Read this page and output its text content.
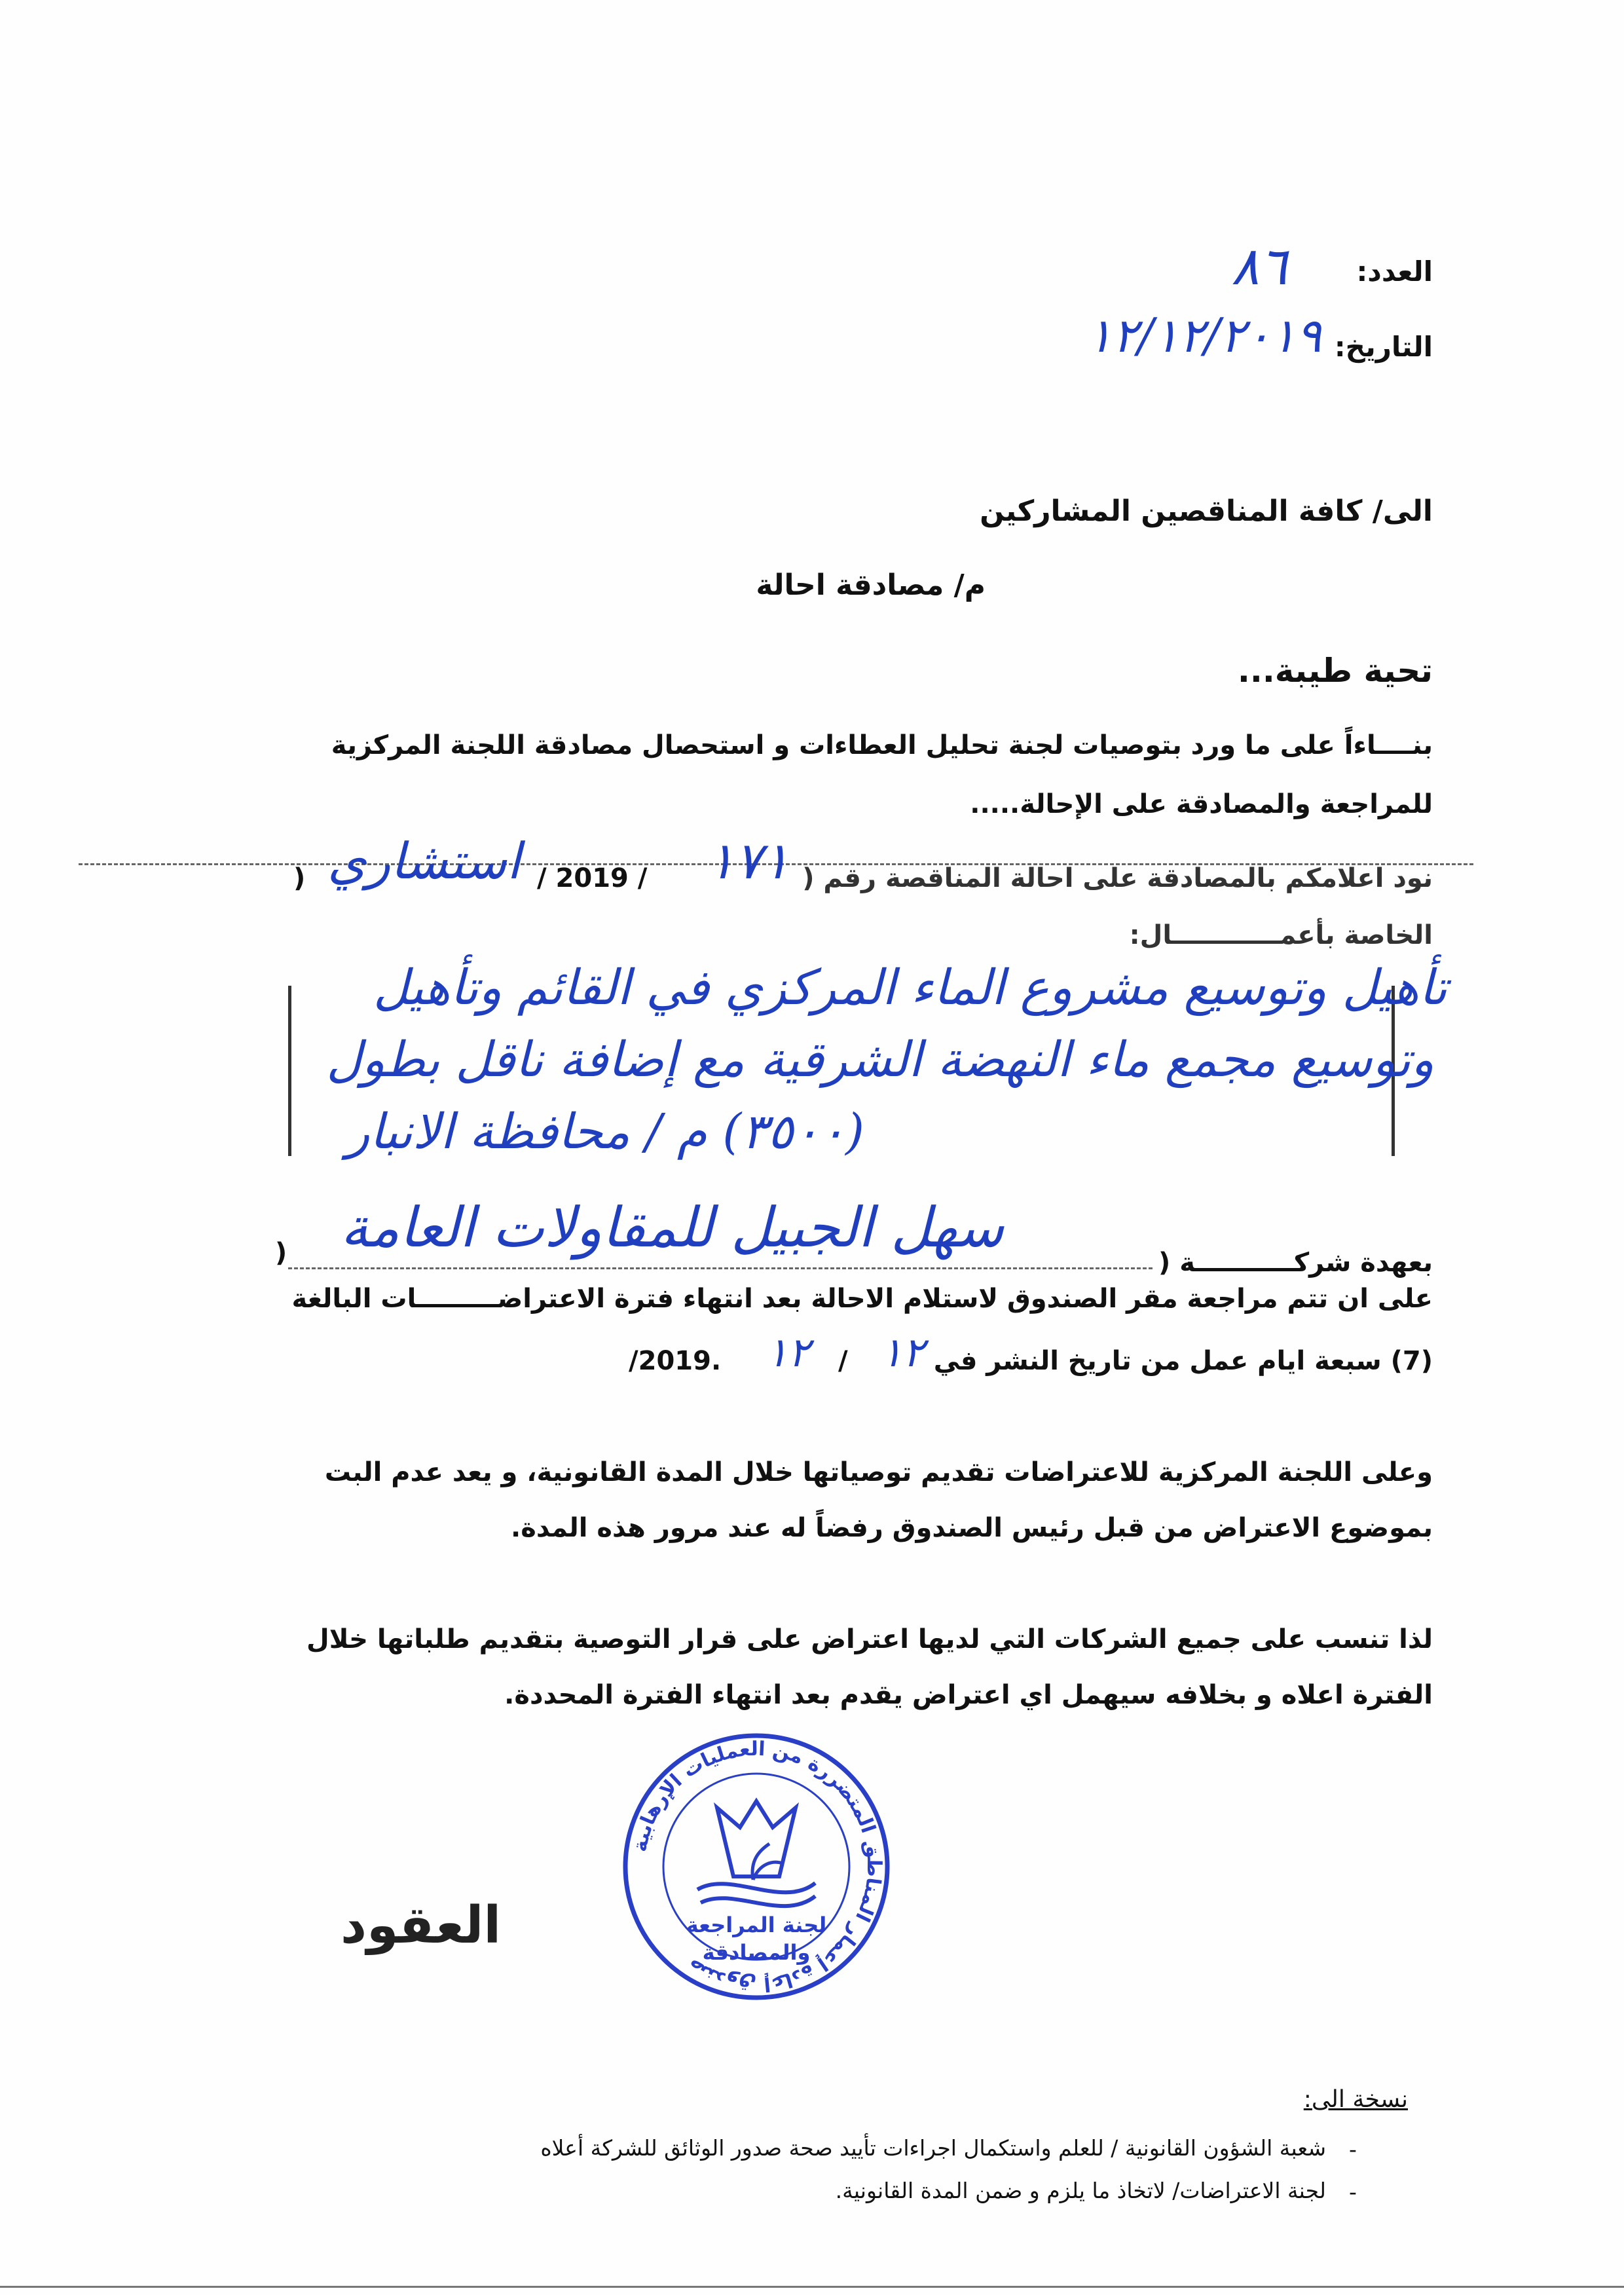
العدد:
٨٦
التاريخ:
١٢/١٢/٢٠١٩
الى/ كافة المناقصين المشاركين
م/ مصادقة احالة
تحية طيبة...
بنــــاءاً على ما ورد بتوصيات لجنة تحليل العطاءات و استحصال مصادقة اللجنة المركزية
للمراجعة والمصادقة على الإحالة.....
نود اعلامكم بالمصادقة على احالة المناقصة رقم (
١٧١
/ 2019 /
استشاري
)
الخاصة بأعمــــــــــــال:
تأهيل وتوسيع مشروع الماء المركزي في القائم وتأهيل
وتوسيع مجمع ماء النهضة الشرقية مع إضافة ناقل بطول
(٣٥٠٠) م / محافظة الانبار
بعهدة شركـــــــــــة (
سهل الجبيل للمقاولات العامة
)
على ان تتم مراجعة مقر الصندوق لاستلام الاحالة بعد انتهاء فترة الاعتراضـــــــــات البالغة
(7) سبعة ايام عمل من تاريخ النشر في
١٢
/
١٢
/2019.
وعلى اللجنة المركزية للاعتراضات تقديم توصياتها خلال المدة القانونية، و يعد عدم البت
بموضوع الاعتراض من قبل رئيس الصندوق رفضاً له عند مرور هذه المدة.
لذا تنسب على جميع الشركات التي لديها اعتراض على قرار التوصية بتقديم طلباتها خلال
الفترة اعلاه و بخلافه سيهمل اي اعتراض يقدم بعد انتهاء الفترة المحددة.
صندوق إعادة إعمار المناطق المتضررة من العمليات الإرهابية
لجنة المراجعة
والمصادقة
العقود
نسخة الى:
شعبة الشؤون القانونية / للعلم واستكمال اجراءات تأييد صحة صدور الوثائق للشركة أعلاه -
لجنة الاعتراضات/ لاتخاذ ما يلزم و ضمن المدة القانونية. -
